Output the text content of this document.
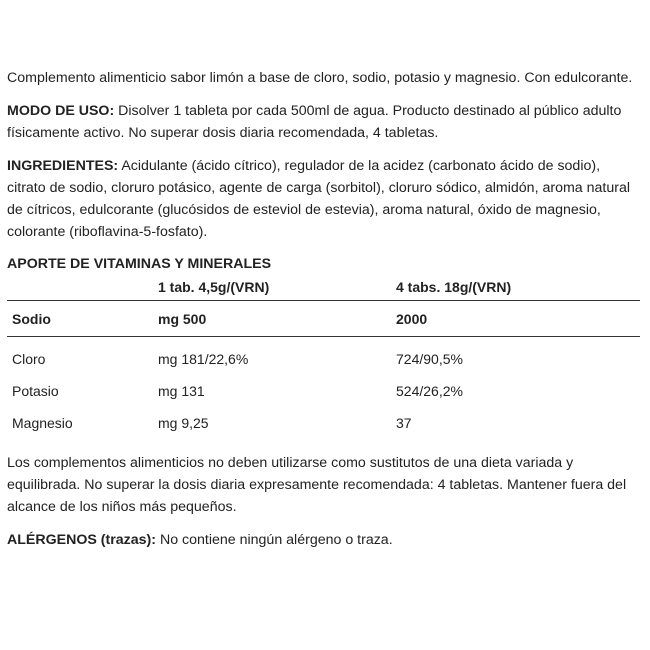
Complemento alimenticio sabor limón a base de cloro, sodio, potasio y magnesio. Con edulcorante.

MODO DE USO: Disolver 1 tableta por cada 500ml de agua. Producto destinado al público adulto físicamente activo. No superar dosis diaria recomendada, 4 tabletas.

INGREDIENTES: Acidulante (ácido cítrico), regulador de la acidez (carbonato ácido de sodio), citrato de sodio, cloruro potásico, agente de carga (sorbitol), cloruro sódico, almidón, aroma natural de cítricos, edulcorante (glucósidos de esteviol de estevia), aroma natural, óxido de magnesio, colorante (riboflavina-5-fosfato).

APORTE DE VITAMINAS Y MINERALES
	1 tab. 4,5g/(VRN)	4 tabs. 18g/(VRN)
Sodio	mg 500	2000
Cloro	mg 181/22,6%	724/90,5%
Potasio	mg 131	524/26,2%
Magnesio	mg 9,25	37

Los complementos alimenticios no deben utilizarse como sustitutos de una dieta variada y equilibrada. No superar la dosis diaria expresamente recomendada: 4 tabletas. Mantener fuera del alcance de los niños más pequeños.

ALÉRGENOS (trazas): No contiene ningún alérgeno o traza.
